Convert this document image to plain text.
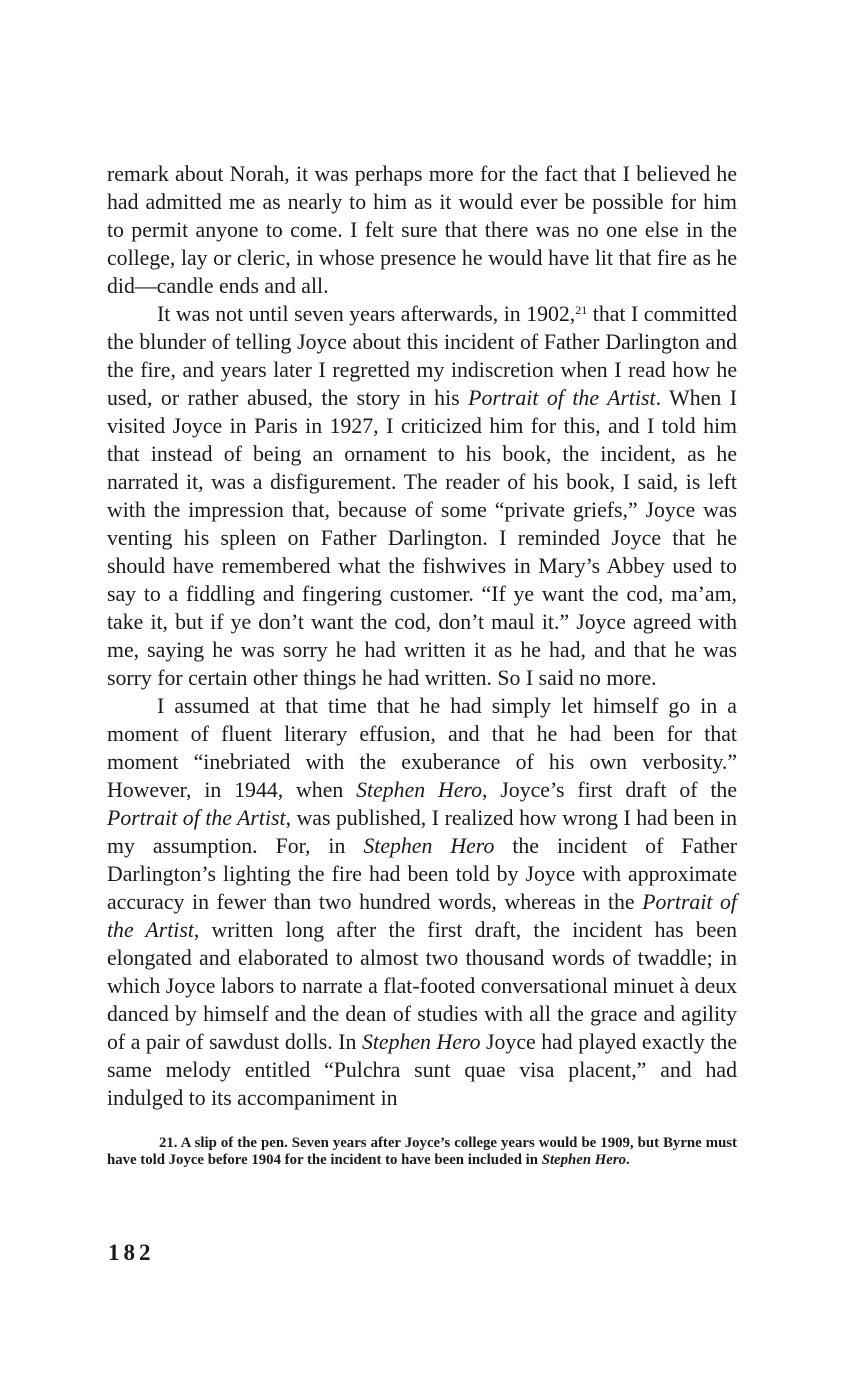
remark about Norah, it was perhaps more for the fact that I believed he had admitted me as nearly to him as it would ever be possible for him to permit anyone to come. I felt sure that there was no one else in the college, lay or cleric, in whose presence he would have lit that fire as he did—candle ends and all.

It was not until seven years afterwards, in 1902,21 that I committed the blunder of telling Joyce about this incident of Father Darlington and the fire, and years later I regretted my indiscretion when I read how he used, or rather abused, the story in his Portrait of the Artist. When I visited Joyce in Paris in 1927, I criticized him for this, and I told him that instead of being an ornament to his book, the incident, as he narrated it, was a disfigurement. The reader of his book, I said, is left with the impression that, because of some “private griefs,” Joyce was venting his spleen on Father Darlington. I reminded Joyce that he should have remembered what the fishwives in Mary’s Abbey used to say to a fiddling and fingering customer. “If ye want the cod, ma’am, take it, but if ye don’t want the cod, don’t maul it.” Joyce agreed with me, saying he was sorry he had written it as he had, and that he was sorry for certain other things he had written. So I said no more.

I assumed at that time that he had simply let himself go in a moment of fluent literary effusion, and that he had been for that moment “inebriated with the exuberance of his own verbosity.” However, in 1944, when Stephen Hero, Joyce’s first draft of the Portrait of the Artist, was published, I realized how wrong I had been in my assumption. For, in Stephen Hero the incident of Father Darlington’s lighting the fire had been told by Joyce with approximate accuracy in fewer than two hundred words, whereas in the Portrait of the Artist, written long after the first draft, the incident has been elongated and elaborated to almost two thousand words of twaddle; in which Joyce labors to narrate a flat-footed conversational minuet à deux danced by himself and the dean of studies with all the grace and agility of a pair of sawdust dolls. In Stephen Hero Joyce had played exactly the same melody entitled “Pulchra sunt quae visa placent,” and had indulged to its accompaniment in

21. A slip of the pen. Seven years after Joyce’s college years would be 1909, but Byrne must have told Joyce before 1904 for the incident to have been included in Stephen Hero.
182
